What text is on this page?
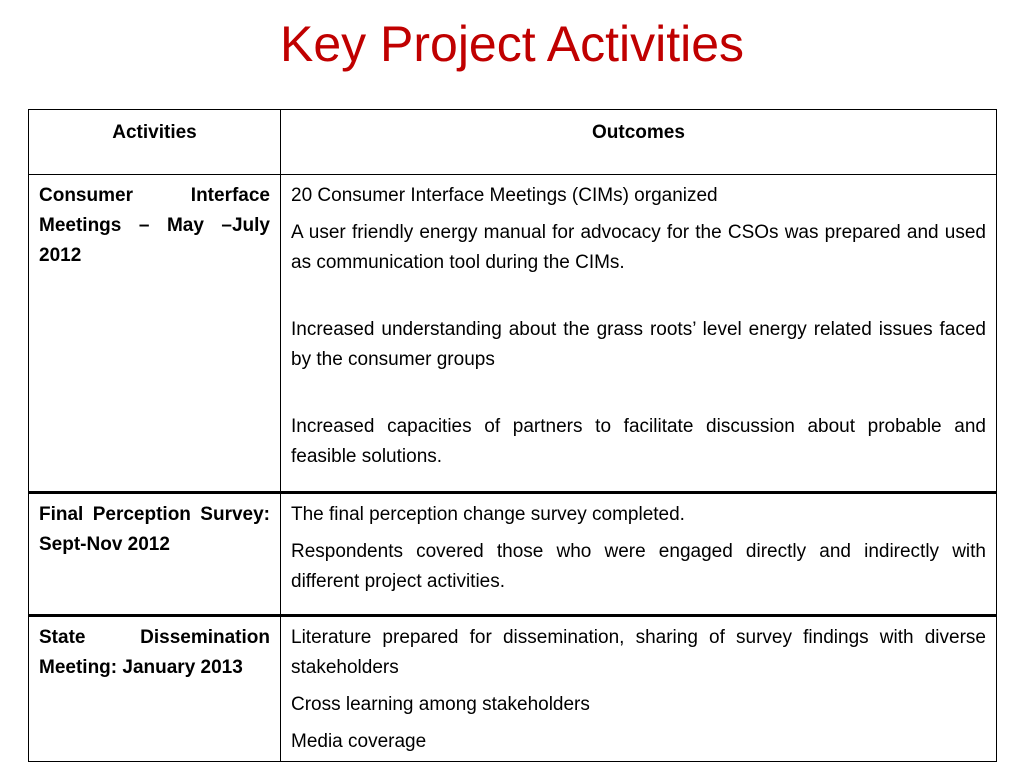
Key Project Activities
Activities	Outcomes
Consumer Interface Meetings – May –July 2012	20 Consumer Interface Meetings (CIMs) organized

A user friendly energy manual for advocacy for the CSOs was prepared and used as communication tool during the CIMs.

Increased understanding about the grass roots’ level energy related issues faced by the consumer groups

Increased capacities of partners to facilitate discussion about probable and feasible solutions.

Final Perception Survey: Sept-Nov 2012	The final perception change survey completed.

Respondents covered those who were engaged directly and indirectly with different project activities.

State Dissemination Meeting: January 2013	Literature prepared for dissemination, sharing of survey findings with diverse stakeholders

Cross learning among stakeholders

Media coverage
